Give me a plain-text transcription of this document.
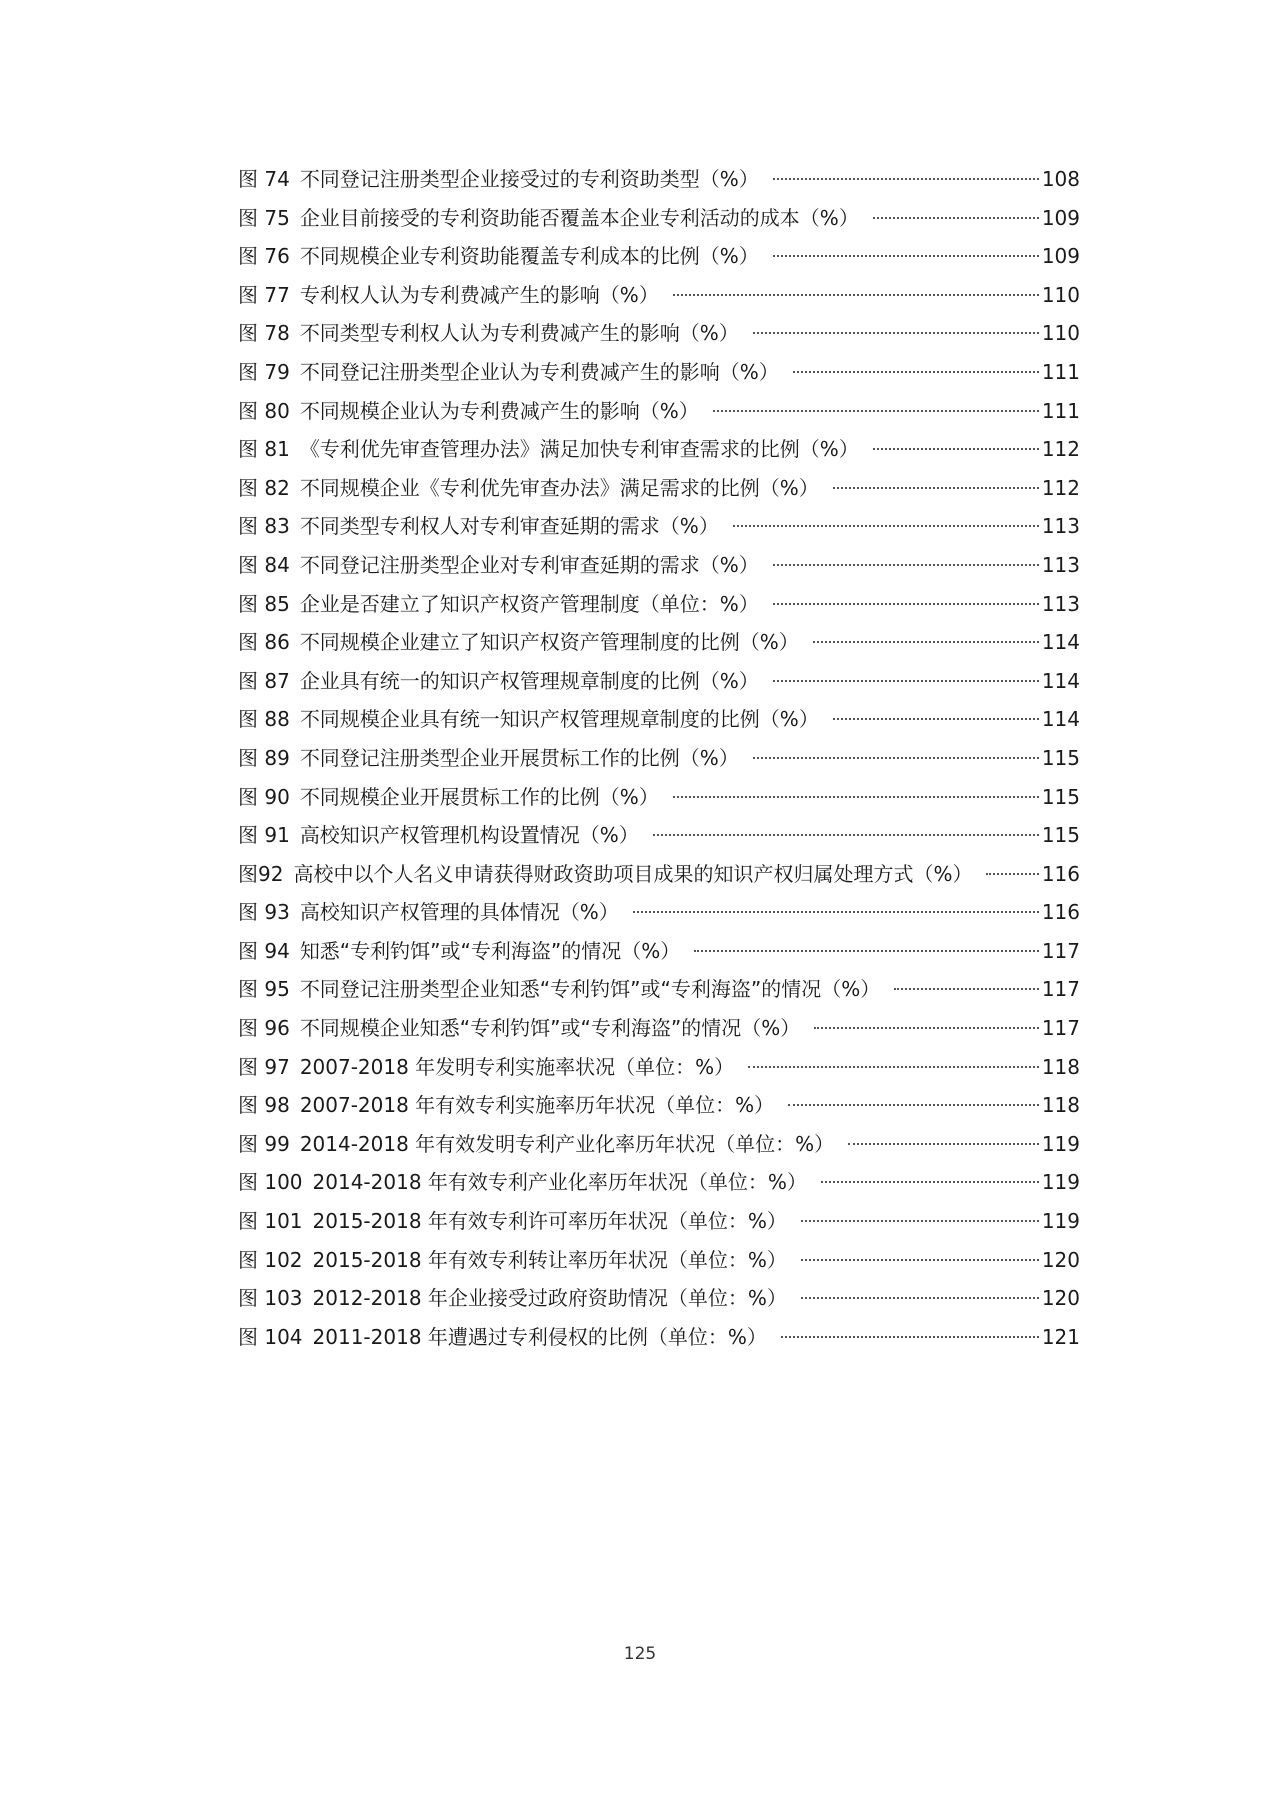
图 74 不同登记注册类型企业接受过的专利资助类型（%）	108
图 75 企业目前接受的专利资助能否覆盖本企业专利活动的成本（%）	109
图 76 不同规模企业专利资助能覆盖专利成本的比例（%）	109
图 77 专利权人认为专利费减产生的影响（%）	110
图 78 不同类型专利权人认为专利费减产生的影响（%）	110
图 79 不同登记注册类型企业认为专利费减产生的影响（%）	111
图 80 不同规模企业认为专利费减产生的影响（%）	111
图 81 《专利优先审查管理办法》满足加快专利审查需求的比例（%）	112
图 82 不同规模企业《专利优先审查办法》满足需求的比例（%）	112
图 83 不同类型专利权人对专利审查延期的需求（%）	113
图 84 不同登记注册类型企业对专利审查延期的需求（%）	113
图 85 企业是否建立了知识产权资产管理制度（单位：%）	113
图 86 不同规模企业建立了知识产权资产管理制度的比例（%）	114
图 87 企业具有统一的知识产权管理规章制度的比例（%）	114
图 88 不同规模企业具有统一知识产权管理规章制度的比例（%）	114
图 89 不同登记注册类型企业开展贯标工作的比例（%）	115
图 90 不同规模企业开展贯标工作的比例（%）	115
图 91 高校知识产权管理机构设置情况（%）	115
图92 高校中以个人名义申请获得财政资助项目成果的知识产权归属处理方式（%）	116
图 93 高校知识产权管理的具体情况（%）	116
图 94 知悉“专利钓饵”或“专利海盗”的情况（%）	117
图 95 不同登记注册类型企业知悉“专利钓饵”或“专利海盗”的情况（%）	117
图 96 不同规模企业知悉“专利钓饵”或“专利海盗”的情况（%）	117
图 97 2007-2018 年发明专利实施率状况（单位：%）	118
图 98 2007-2018 年有效专利实施率历年状况（单位：%）	118
图 99 2014-2018 年有效发明专利产业化率历年状况（单位：%）	119
图 100 2014-2018 年有效专利产业化率历年状况（单位：%）	119
图 101 2015-2018 年有效专利许可率历年状况（单位：%）	119
图 102 2015-2018 年有效专利转让率历年状况（单位：%）	120
图 103 2012-2018 年企业接受过政府资助情况（单位：%）	120
图 104 2011-2018 年遭遇过专利侵权的比例（单位：%）	121
125
